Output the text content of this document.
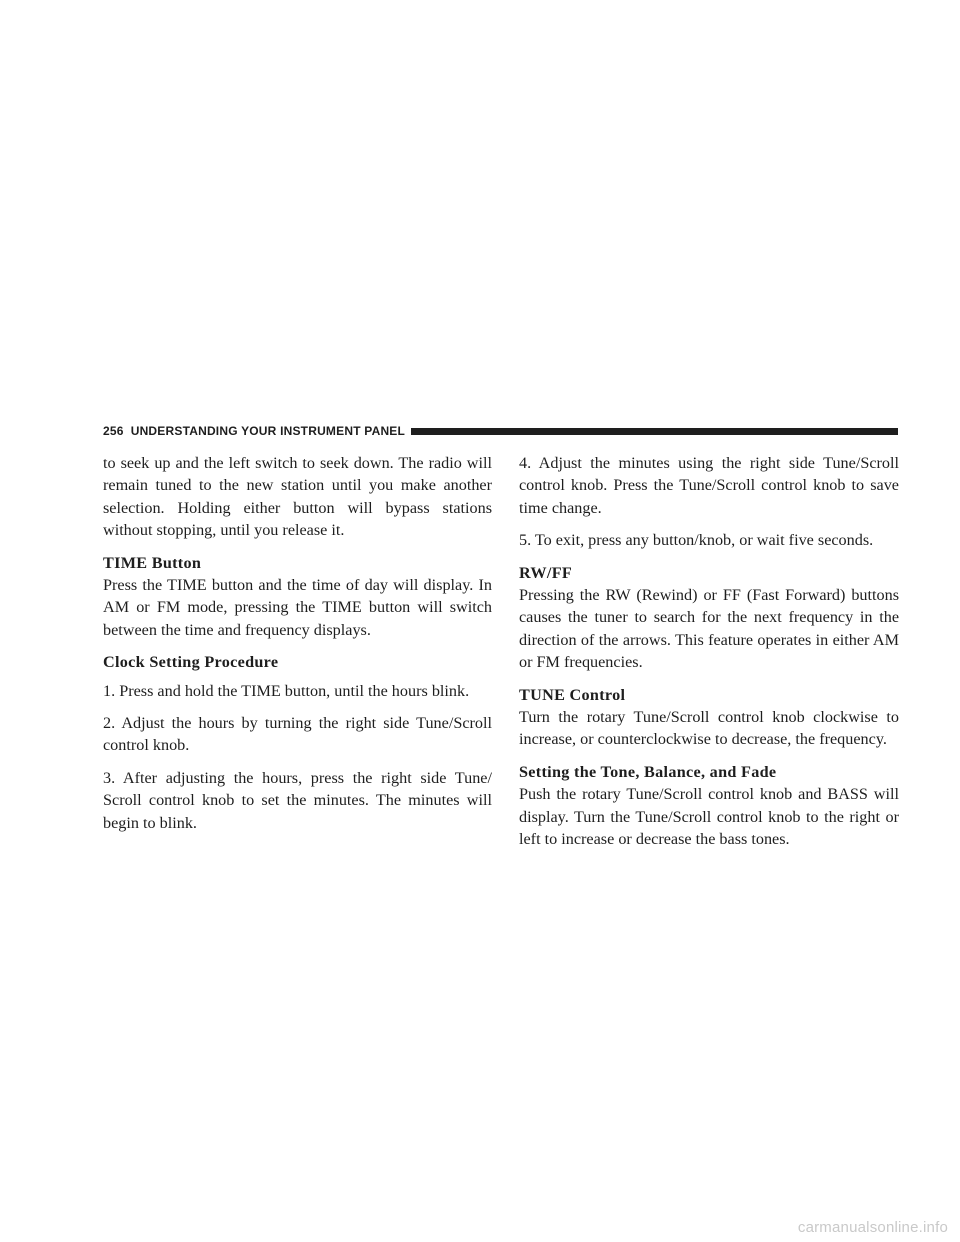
256 UNDERSTANDING YOUR INSTRUMENT PANEL

to seek up and the left switch to seek down. The radio will remain tuned to the new station until you make another selection. Holding either button will bypass stations without stopping, until you release it.

TIME Button

Press the TIME button and the time of day will display. In AM or FM mode, pressing the TIME button will switch between the time and frequency displays.

Clock Setting Procedure

1. Press and hold the TIME button, until the hours blink.

2. Adjust the hours by turning the right side Tune/Scroll control knob.

3. After adjusting the hours, press the right side Tune/ Scroll control knob to set the minutes. The minutes will begin to blink.

4. Adjust the minutes using the right side Tune/Scroll control knob. Press the Tune/Scroll control knob to save time change.

5. To exit, press any button/knob, or wait five seconds.

RW/FF

Pressing the RW (Rewind) or FF (Fast Forward) buttons causes the tuner to search for the next frequency in the direction of the arrows. This feature operates in either AM or FM frequencies.

TUNE Control

Turn the rotary Tune/Scroll control knob clockwise to increase, or counterclockwise to decrease, the frequency.

Setting the Tone, Balance, and Fade

Push the rotary Tune/Scroll control knob and BASS will display. Turn the Tune/Scroll control knob to the right or left to increase or decrease the bass tones.

carmanualsonline.info
